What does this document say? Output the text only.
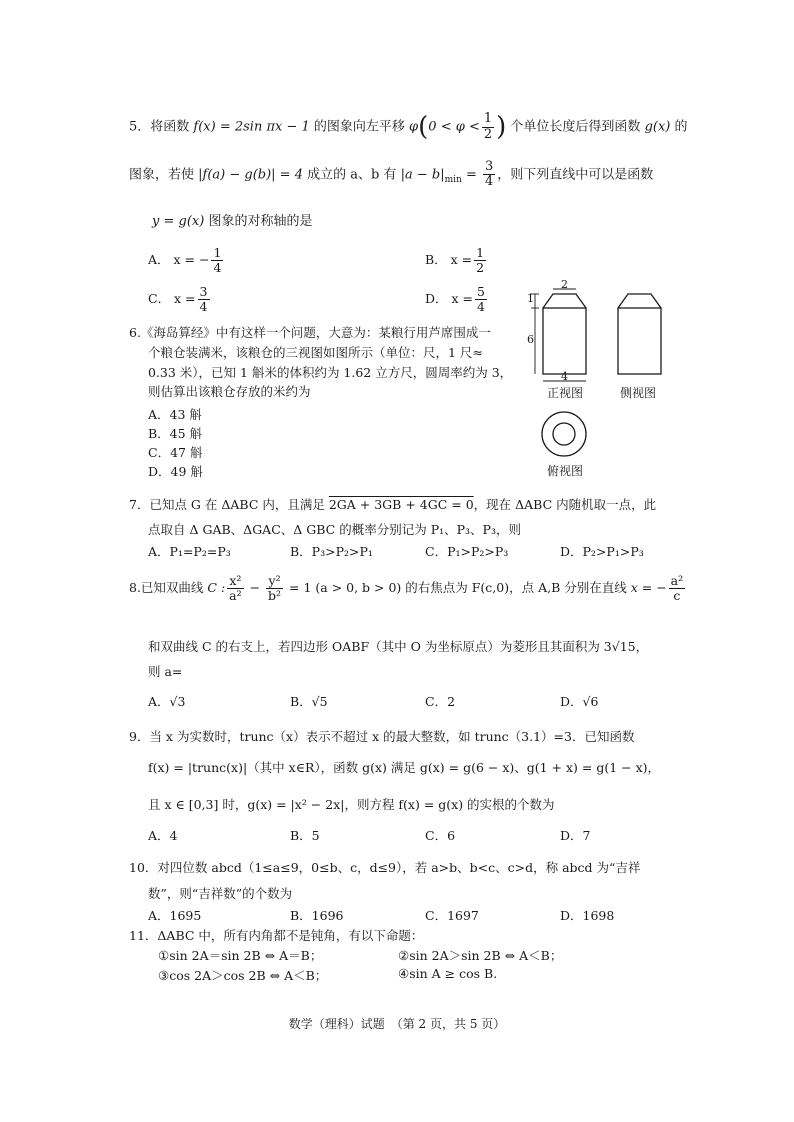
5．将函数 f(x) = 2sin πx − 1 的图象向左平移 $\varphi(0 < \varphi < \frac{1}{2}$ ) 个单位长度后得到函数 g(x) 的
图象，若使 |f(a) − g(b)| = 4 成立的 a、b 有 $|a - b|_{min} = \frac{3}{4}$ ，则下列直线中可以是函数
y = g(x) 图象的对称轴的是
A． x = − $\frac{1}{4}$	B． $x = \frac{1}{2}$
C． $x = \frac{3}{4}$	D． $x = \frac{5}{4}$
6.《海岛算经》中有这样一个问题，大意为：某粮行用芦席围成一
个粮仓装满米，该粮仓的三视图如图所示（单位：尺，1 尺≈
0.33 米），已知 1 斛米的体积约为 1.62 立方尺，圆周率约为 3，
则估算出该粮仓存放的米约为
A．43 斛
B．45 斛
C．47 斛
D．49 斛
2
1
6
4
正视图	侧视图
俯视图
7．已知点 G 在 ΔABC 内，且满足 2GA + 3GB + 4GC = 0，现在 ΔABC 内随机取一点，此
点取自 Δ GAB、ΔGAC、Δ GBC 的概率分别记为 P₁、P₃、P₃，则
A．P₁=P₂=P₃	B．P₃>P₂>P₁	C．P₁>P₂>P₃	D．P₂>P₁>P₃
8.已知双曲线 C : $\frac{\text{x²}}{\text{a²}} - \frac{\text{y²}}{\text{b²}} = 1$ (a > 0, b > 0) 的右焦点为 F(c,0)，点 A,B 分别在直线 x = − $\frac{\text{a²}}{c}$
和双曲线 C 的右支上，若四边形 OABF（其中 O 为坐标原点）为菱形且其面积为 3√15，
则 a=
A．√3	B．√5	C．2	D．√6
9．当 x 为实数时，trunc（x）表示不超过 x 的最大整数，如 trunc（3.1）=3．已知函数
f(x) = |trunc(x)|（其中 x∈R），函数 g(x) 满足 g(x) = g(6 − x)、g(1 + x) = g(1 − x)，
且 x ∈ [0,3] 时，g(x) = |x² − 2x|，则方程 f(x) = g(x) 的实根的个数为
A．4	B．5	C．6	D．7
10．对四位数 abcd（1≤a≤9，0≤b、c，d≤9），若 a>b、b<c、c>d，称 abcd 为“吉祥
数”，则“吉祥数”的个数为
A．1695	B．1696	C．1697	D．1698
11．ΔABC 中，所有内角都不是钝角，有以下命题：
①sin 2A＝sin 2B ⇔ A＝B；	②sin 2A＞sin 2B ⇔ A＜B；
③cos 2A＞cos 2B ⇔ A＜B；	④sin A ≥ cos B.
数学（理科）试题　（第 2 页，共 5 页）
